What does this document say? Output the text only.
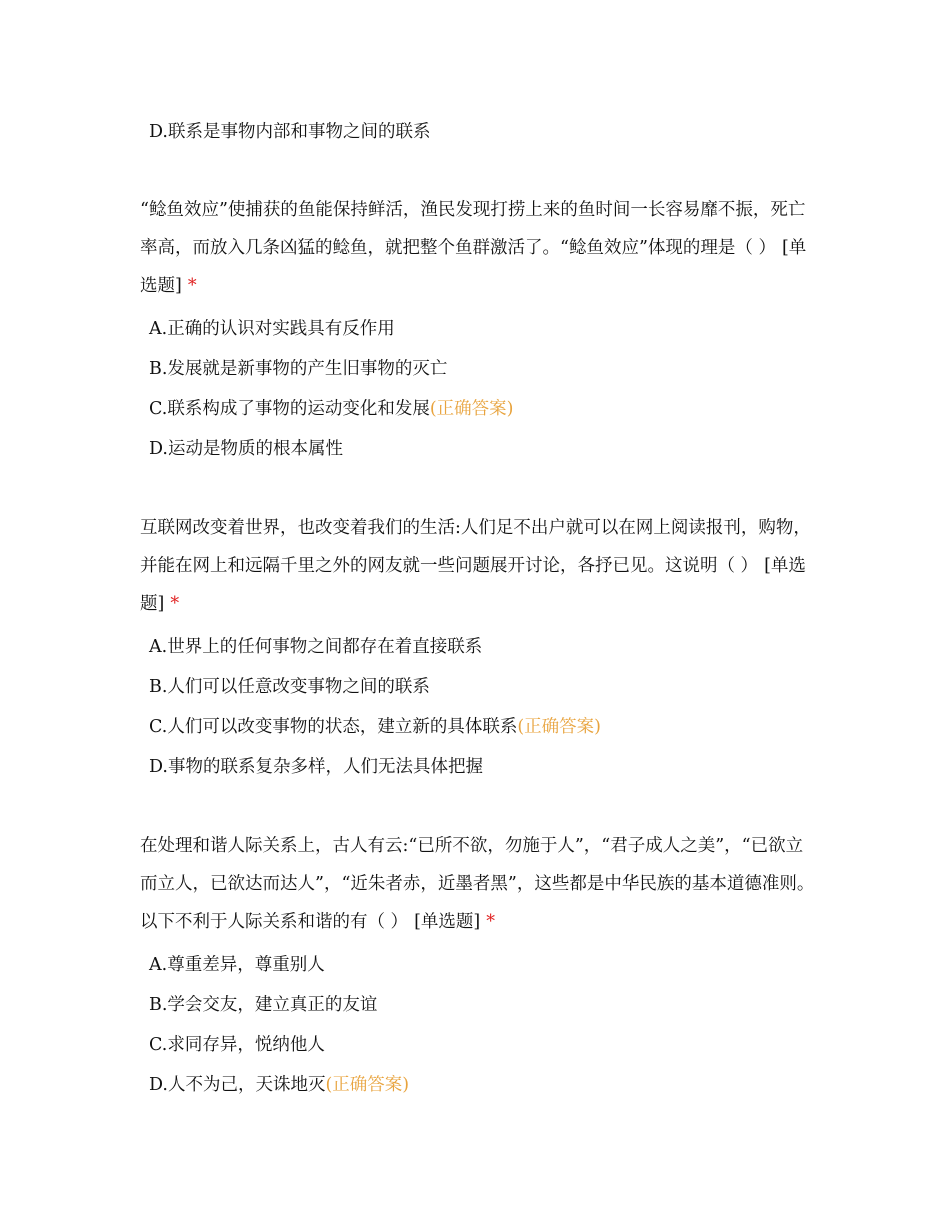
D.联系是事物内部和事物之间的联系

“鲶鱼效应”使捕获的鱼能保持鲜活，渔民发现打捞上来的鱼时间一长容易靡不振，死亡率高，而放入几条凶猛的鲶鱼，就把整个鱼群激活了。“鲶鱼效应”体现的理是（ ） [单选题] *

A.正确的认识对实践具有反作用
B.发展就是新事物的产生旧事物的灭亡
C.联系构成了事物的运动变化和发展(正确答案)
D.运动是物质的根本属性

互联网改变着世界，也改变着我们的生活:人们足不出户就可以在网上阅读报刊，购物，并能在网上和远隔千里之外的网友就一些问题展开讨论，各抒已见。这说明（ ） [单选题] *

A.世界上的任何事物之间都存在着直接联系
B.人们可以任意改变事物之间的联系
C.人们可以改变事物的状态，建立新的具体联系(正确答案)
D.事物的联系复杂多样，人们无法具体把握

在处理和谐人际关系上，古人有云:“已所不欲，勿施于人”，“君子成人之美”，“已欲立而立人，已欲达而达人”，“近朱者赤，近墨者黑”，这些都是中华民族的基本道德准则。以下不利于人际关系和谐的有（ ） [单选题] *

A.尊重差异，尊重别人
B.学会交友，建立真正的友谊
C.求同存异，悦纳他人
D.人不为己，天诛地灭(正确答案)
